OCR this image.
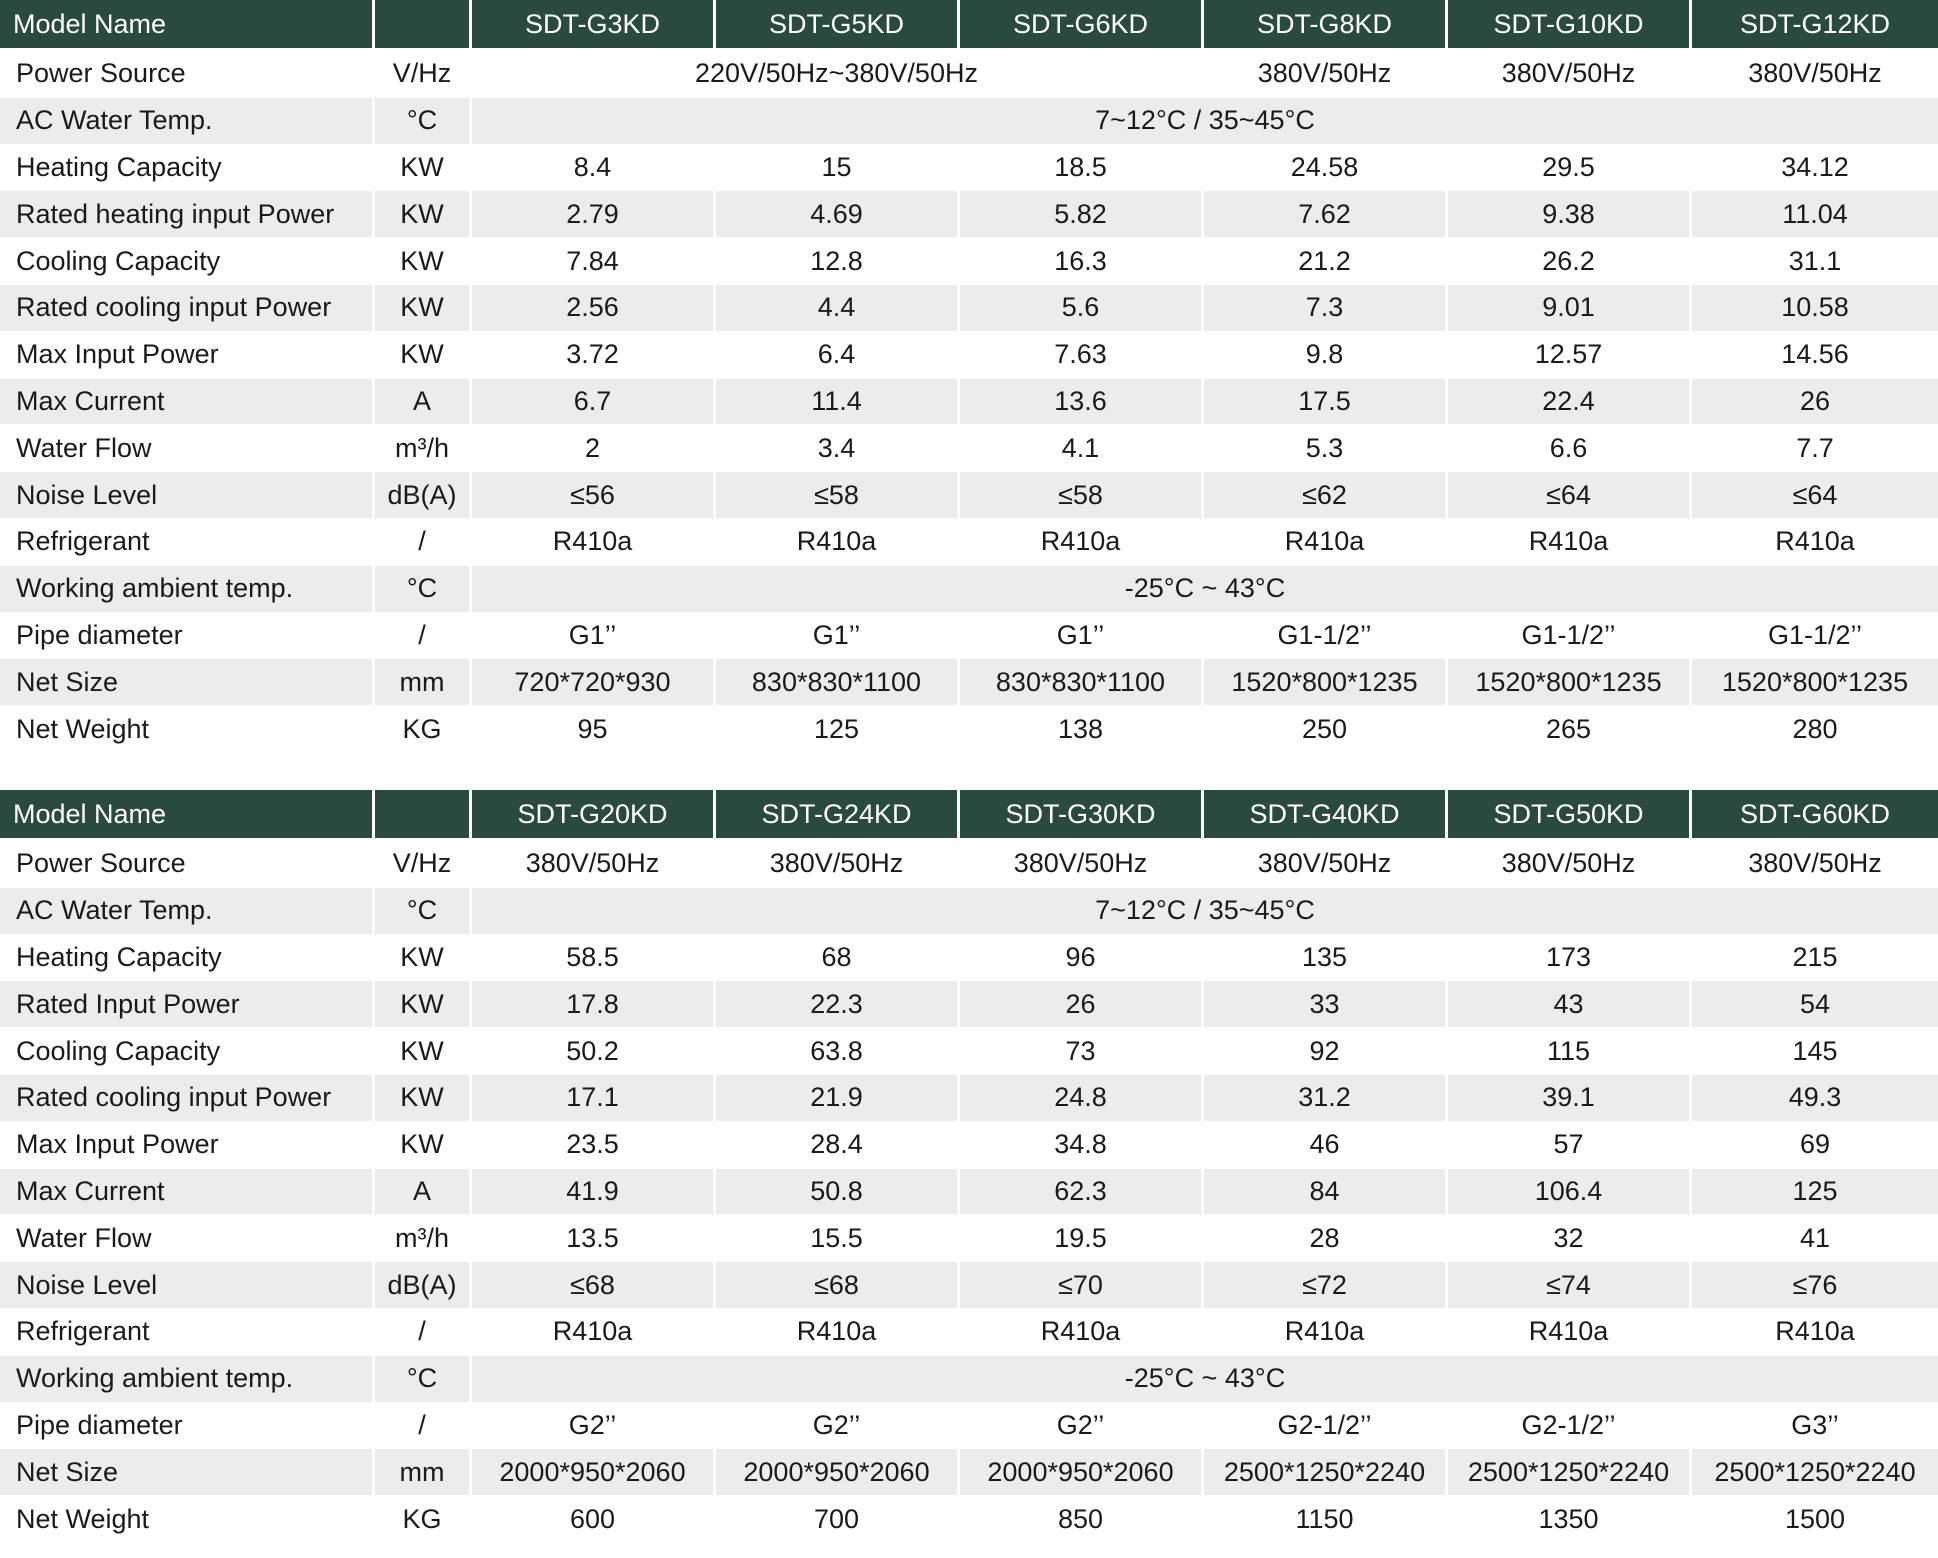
Model Name		SDT-G3KD	SDT-G5KD	SDT-G6KD	SDT-G8KD	SDT-G10KD	SDT-G12KD
Power Source	V/Hz	220V/50Hz~380V/50Hz			380V/50Hz	380V/50Hz	380V/50Hz
AC Water Temp.	°C	7~12°C / 35~45°C					
Heating Capacity	KW	8.4	15	18.5	24.58	29.5	34.12
Rated heating input Power	KW	2.79	4.69	5.82	7.62	9.38	11.04
Cooling Capacity	KW	7.84	12.8	16.3	21.2	26.2	31.1
Rated cooling input Power	KW	2.56	4.4	5.6	7.3	9.01	10.58
Max Input Power	KW	3.72	6.4	7.63	9.8	12.57	14.56
Max Current	A	6.7	11.4	13.6	17.5	22.4	26
Water Flow	m³/h	2	3.4	4.1	5.3	6.6	7.7
Noise Level	dB(A)	≤56	≤58	≤58	≤62	≤64	≤64
Refrigerant	/	R410a	R410a	R410a	R410a	R410a	R410a
Working ambient temp.	°C	-25°C ~ 43°C					
Pipe diameter	/	G1’’	G1’’	G1’’	G1-1/2’’	G1-1/2’’	G1-1/2’’
Net Size	mm	720*720*930	830*830*1100	830*830*1100	1520*800*1235	1520*800*1235	1520*800*1235
Net Weight	KG	95	125	138	250	265	280
Model Name		SDT-G20KD	SDT-G24KD	SDT-G30KD	SDT-G40KD	SDT-G50KD	SDT-G60KD
Power Source	V/Hz	380V/50Hz	380V/50Hz	380V/50Hz	380V/50Hz	380V/50Hz	380V/50Hz
AC Water Temp.	°C	7~12°C / 35~45°C					
Heating Capacity	KW	58.5	68	96	135	173	215
Rated Input Power	KW	17.8	22.3	26	33	43	54
Cooling Capacity	KW	50.2	63.8	73	92	115	145
Rated cooling input Power	KW	17.1	21.9	24.8	31.2	39.1	49.3
Max Input Power	KW	23.5	28.4	34.8	46	57	69
Max Current	A	41.9	50.8	62.3	84	106.4	125
Water Flow	m³/h	13.5	15.5	19.5	28	32	41
Noise Level	dB(A)	≤68	≤68	≤70	≤72	≤74	≤76
Refrigerant	/	R410a	R410a	R410a	R410a	R410a	R410a
Working ambient temp.	°C	-25°C ~ 43°C					
Pipe diameter	/	G2’’	G2’’	G2’’	G2-1/2’’	G2-1/2’’	G3’’
Net Size	mm	2000*950*2060	2000*950*2060	2000*950*2060	2500*1250*2240	2500*1250*2240	2500*1250*2240
Net Weight	KG	600	700	850	1150	1350	1500
